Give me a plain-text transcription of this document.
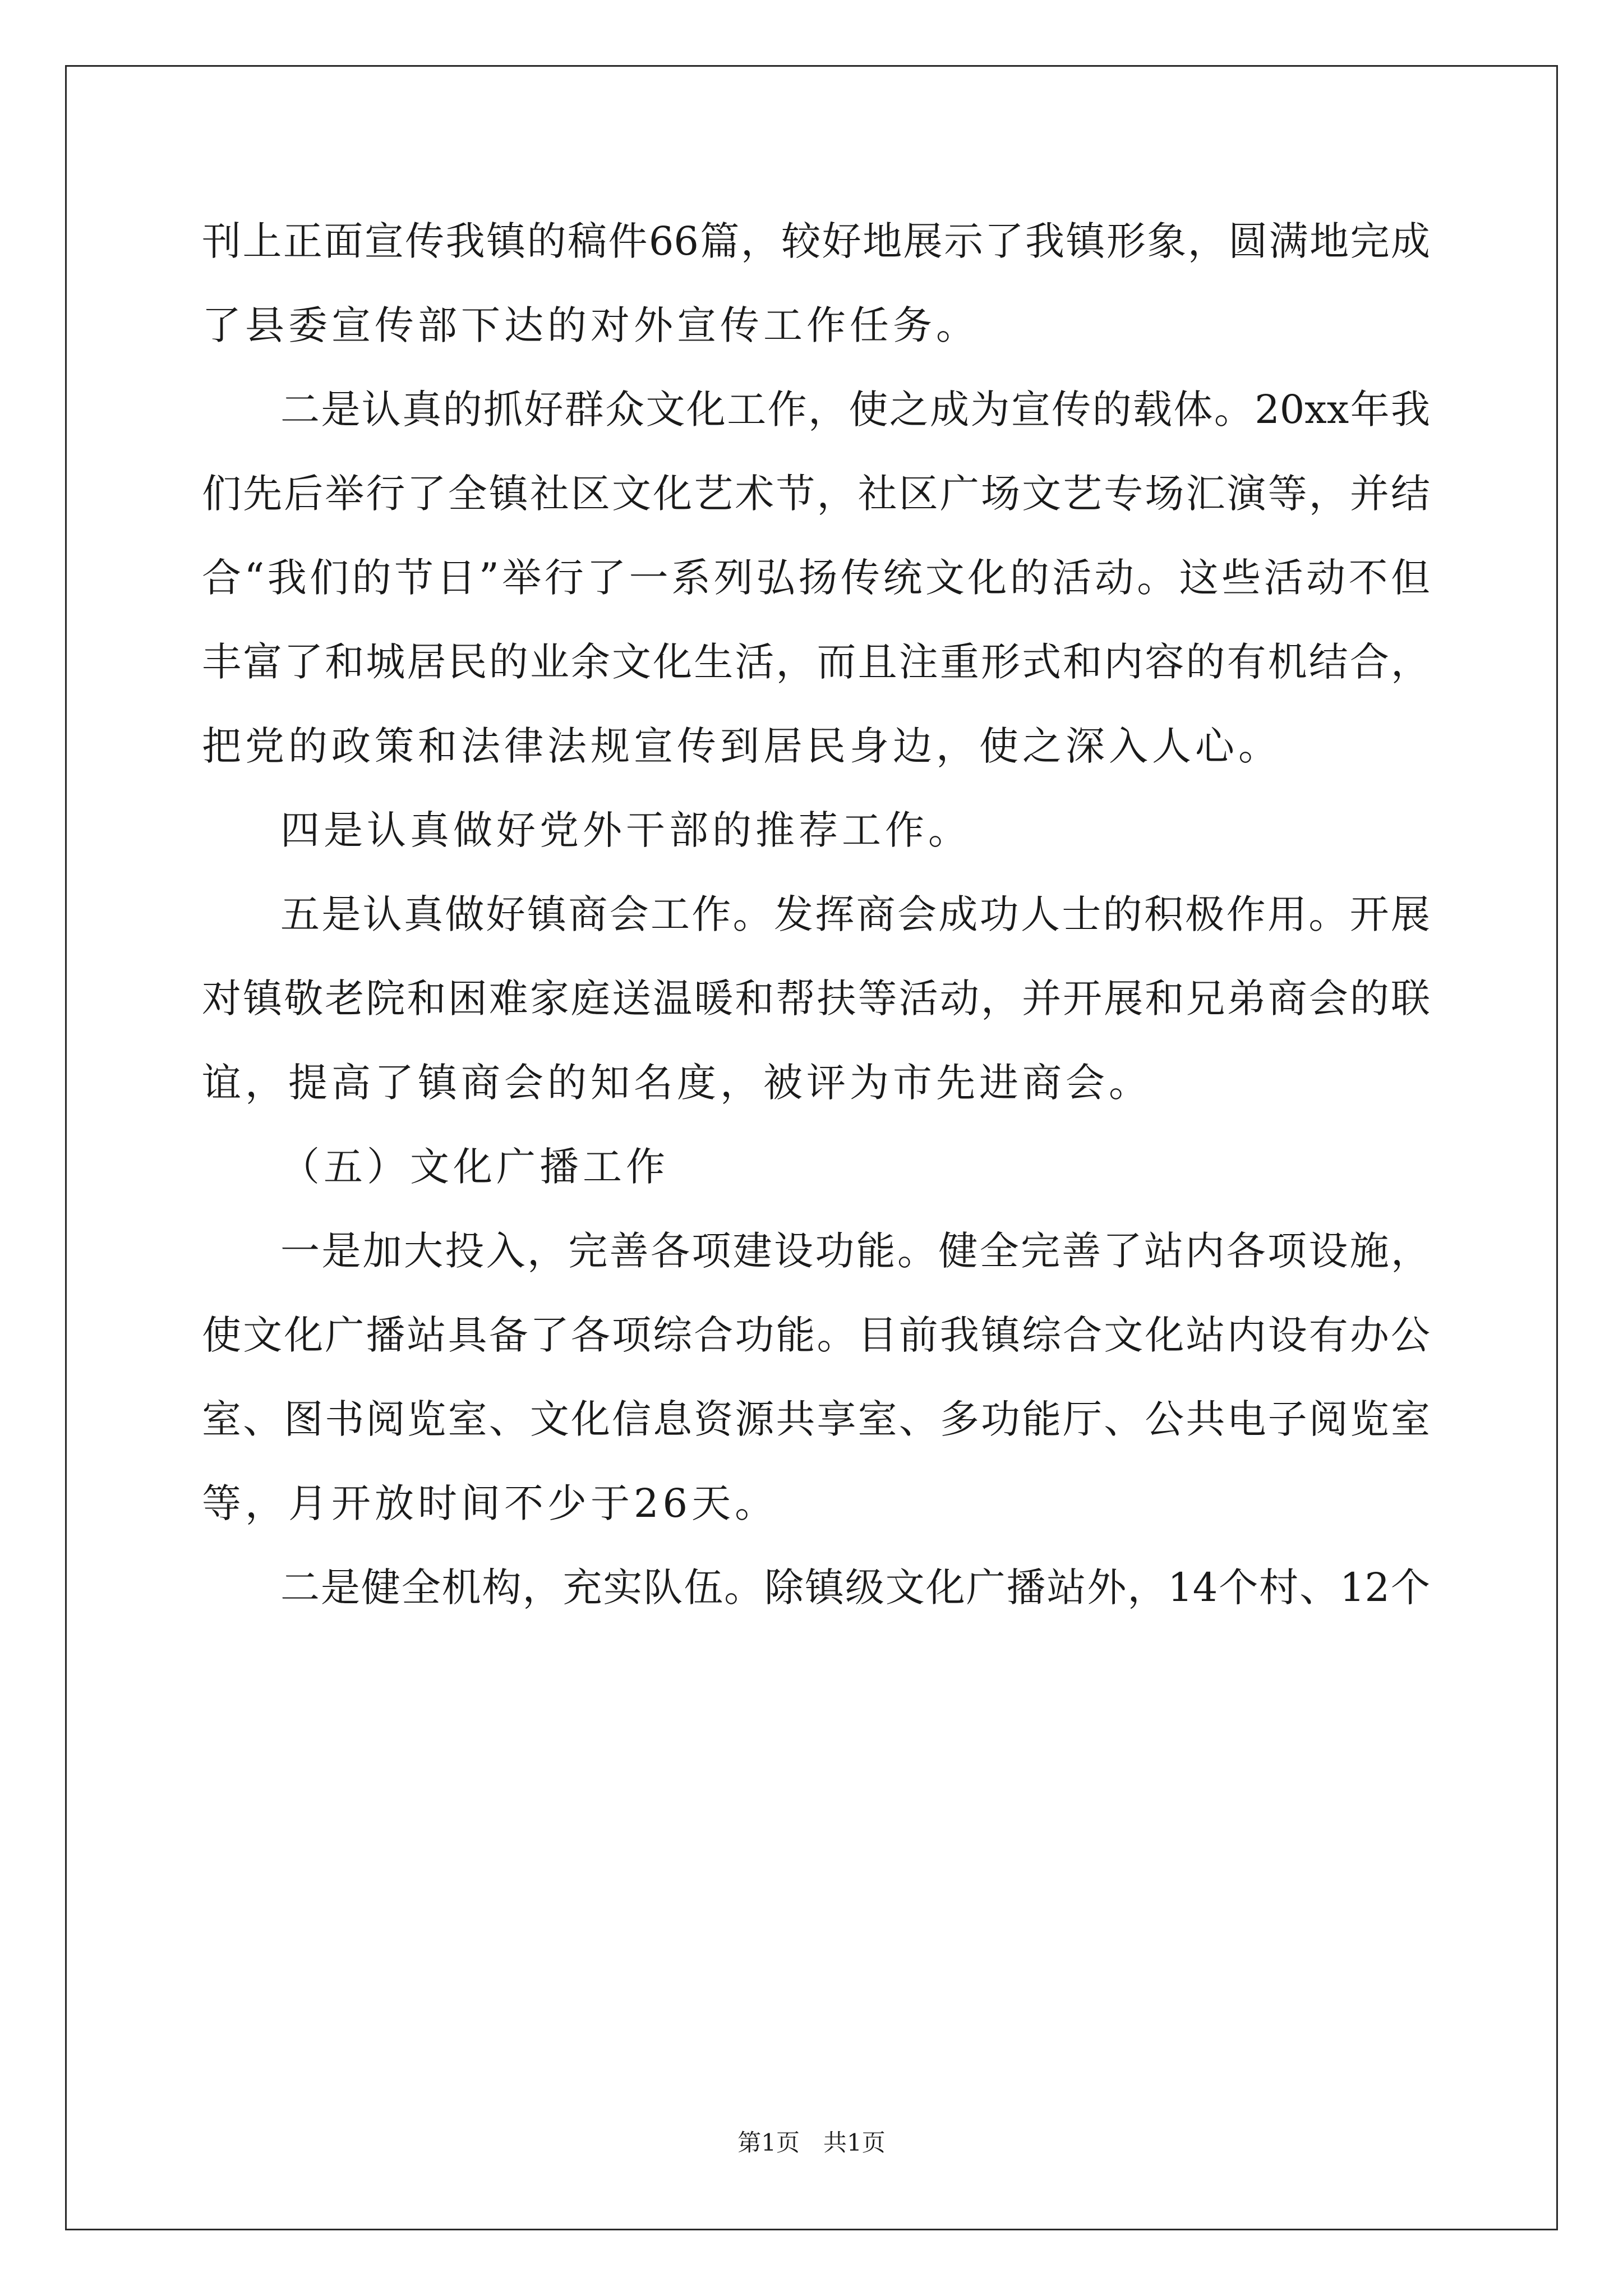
刊上正面宣传我镇的稿件66篇，较好地展示了我镇形象，圆满地完成
了县委宣传部下达的对外宣传工作任务。
二是认真的抓好群众文化工作，使之成为宣传的载体。20xx年我
们先后举行了全镇社区文化艺术节，社区广场文艺专场汇演等，并结
合“我们的节日”举行了一系列弘扬传统文化的活动。这些活动不但
丰富了和城居民的业余文化生活，而且注重形式和内容的有机结合，
把党的政策和法律法规宣传到居民身边，使之深入人心。
四是认真做好党外干部的推荐工作。
五是认真做好镇商会工作。发挥商会成功人士的积极作用。开展
对镇敬老院和困难家庭送温暖和帮扶等活动，并开展和兄弟商会的联
谊，提高了镇商会的知名度，被评为市先进商会。
（五）文化广播工作
一是加大投入，完善各项建设功能。健全完善了站内各项设施，
使文化广播站具备了各项综合功能。目前我镇综合文化站内设有办公
室、图书阅览室、文化信息资源共享室、多功能厅、公共电子阅览室
等，月开放时间不少于26天。
二是健全机构，充实队伍。除镇级文化广播站外，14个村、12个
第1页　共1页
